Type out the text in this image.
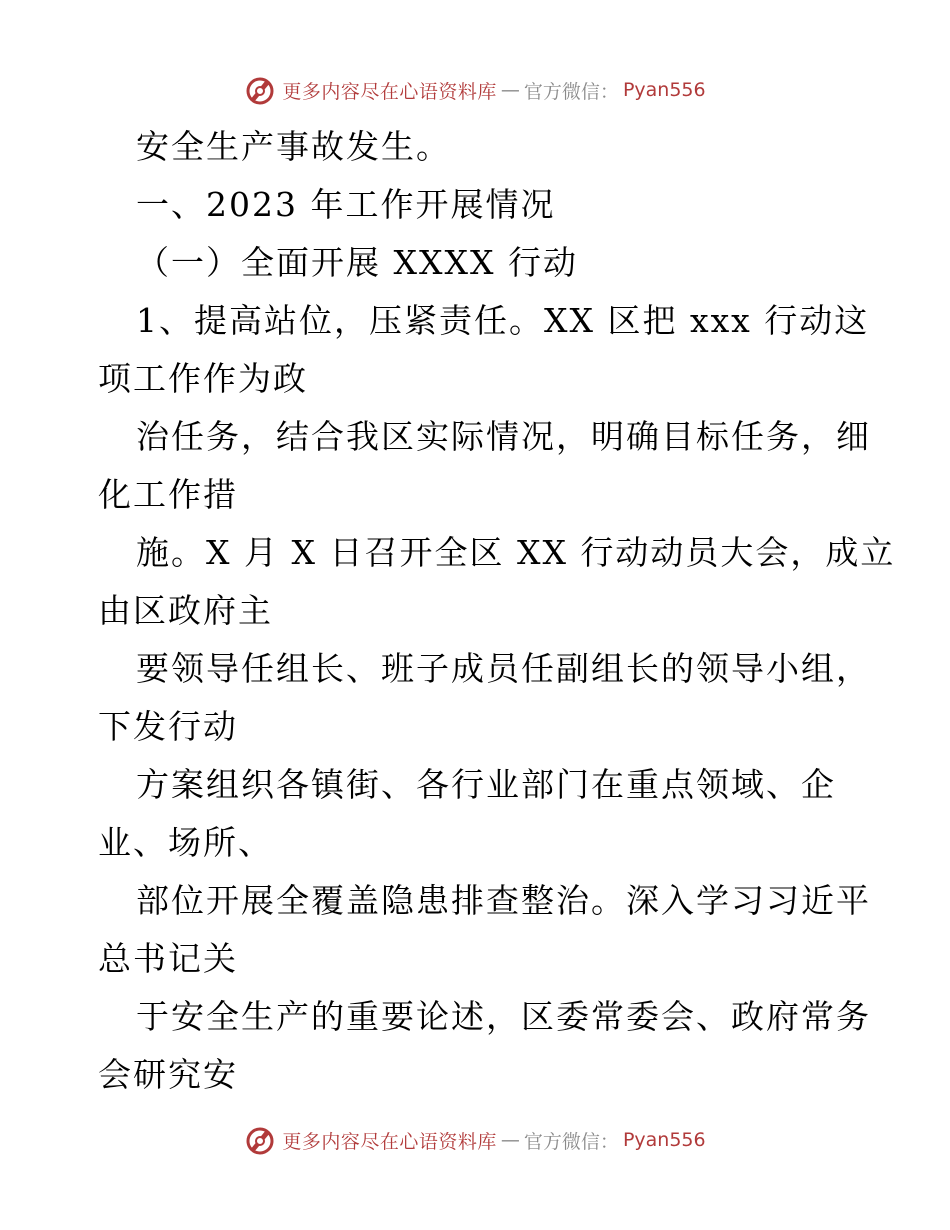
更多内容尽在心语资料库 — 官方微信： Pyan556
安全生产事故发生。
一、2023 年工作开展情况
（一）全面开展 XXXX 行动
1、提高站位，压紧责任。XX 区把 xxx 行动这
项工作作为政
治任务，结合我区实际情况，明确目标任务，细
化工作措
施。X 月 X 日召开全区 XX 行动动员大会，成立
由区政府主
要领导任组长、班子成员任副组长的领导小组，
下发行动
方案组织各镇街、各行业部门在重点领域、企
业、场所、
部位开展全覆盖隐患排查整治。深入学习习近平
总书记关
于安全生产的重要论述，区委常委会、政府常务
会研究安
更多内容尽在心语资料库 — 官方微信： Pyan556
